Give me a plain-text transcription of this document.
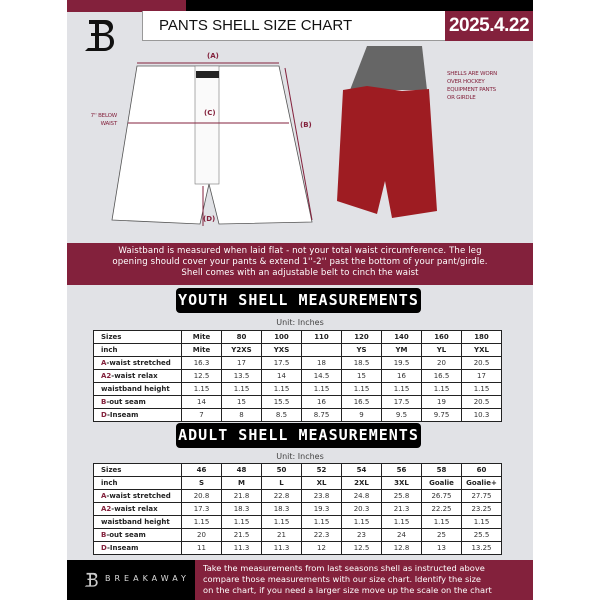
PANTS SHELL SIZE CHART	2025.4.22
(A)
(C)
(B)
(D)
7'' BELOW
WAIST
SHELLS ARE WORN
OVER HOCKEY
EQUIPMENT PANTS
OR GIRDLE
Waistband is measured when laid flat - not your total waist circumference. The leg
opening should cover your pants & extend 1''-2'' past the bottom of your pant/girdle.
Shell comes with an adjustable belt to cinch the waist
YOUTH SHELL MEASUREMENTS
Unit: Inches
Sizes	Mite	80	100	110	120	140	160	180
inch	Mite	Y2XS	YXS		YS	YM	YL	YXL
A-waist stretched	16.3	17	17.5	18	18.5	19.5	20	20.5
A2-waist relax	12.5	13.5	14	14.5	15	16	16.5	17
waistband height	1.15	1.15	1.15	1.15	1.15	1.15	1.15	1.15
B-out seam	14	15	15.5	16	16.5	17.5	19	20.5
D-Inseam	7	8	8.5	8.75	9	9.5	9.75	10.3
ADULT SHELL MEASUREMENTS
Unit: Inches
Sizes	46	48	50	52	54	56	58	60
inch	S	M	L	XL	2XL	3XL	Goalie	Goalie+
A-waist stretched	20.8	21.8	22.8	23.8	24.8	25.8	26.75	27.75
A2-waist relax	17.3	18.3	18.3	19.3	20.3	21.3	22.25	23.25
waistband height	1.15	1.15	1.15	1.15	1.15	1.15	1.15	1.15
B-out seam	20	21.5	21	22.3	23	24	25	25.5
D-Inseam	11	11.3	11.3	12	12.5	12.8	13	13.25
BREAKAWAY
Take the measurements from last seasons shell as instructed above
compare those measurements with our size chart. Identify the size
on the chart, if you need a larger size move up the scale on the chart
